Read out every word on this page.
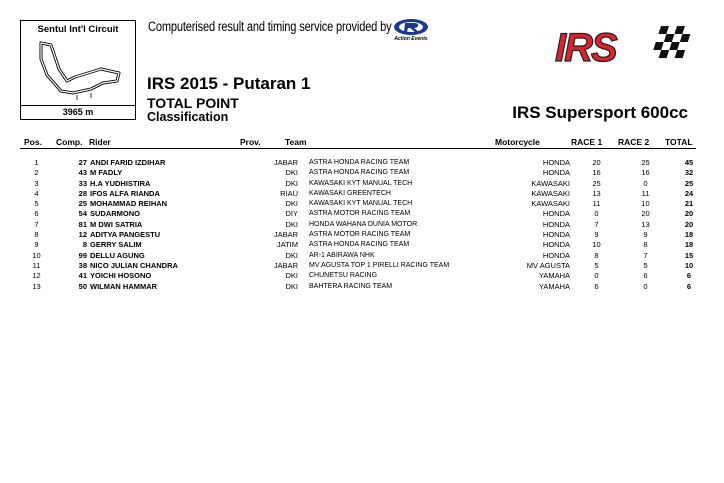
Sentul Int'l Circuit
3965 m
Computerised result and timing service provided by
Action Events	IRS
IRS 2015 - Putaran 1
TOTAL POINT
Classification	IRS Supersport 600cc
Pos. Comp. Rider	Prov.	Team	Motorcycle	RACE 1 RACE 2 TOTAL
1	27	ANDI FARID IZDIHAR	JABAR	ASTRA HONDA RACING TEAM	HONDA	20	25	45
2	43	M FADLY	DKI	ASTRA HONDA RACING TEAM	HONDA	16	16	32
3	33	H.A YUDHISTIRA	DKI	KAWASAKI KYT MANUAL TECH	KAWASAKI	25	0	25
4	28	IFOS ALFA RIANDA	RIAU	KAWASAKI GREENTECH	KAWASAKI	13	11	24
5	25	MOHAMMAD REIHAN	DKI	KAWASAKI KYT MANUAL TECH	KAWASAKI	11	10	21
6	54	SUDARMONO	DIY	ASTRA MOTOR RACING TEAM	HONDA	0	20	20
7	81	M DWI SATRIA	DKI	HONDA WAHANA DUNIA MOTOR	HONDA	7	13	20
8	12	ADITYA PANGESTU	JABAR	ASTRA MOTOR RACING TEAM	HONDA	9	9	18
9	8	GERRY SALIM	JATIM	ASTRA HONDA RACING TEAM	HONDA	10	8	18
10	99	DELLU AGUNG	DKI	AR-1 ABIRAWA NHK	HONDA	8	7	15
11	38	NICO JULIAN CHANDRA	JABAR	MV AGUSTA TOP 1 PIRELLI RACING TEAM	MV AGUSTA	5	5	10
12	41	YOICHI HOSONO	DKI	CHUNETSU RACING	YAMAHA	0	6	6
13	50	WILMAN HAMMAR	DKI	BAHTERA RACING TEAM	YAMAHA	6	0	6
